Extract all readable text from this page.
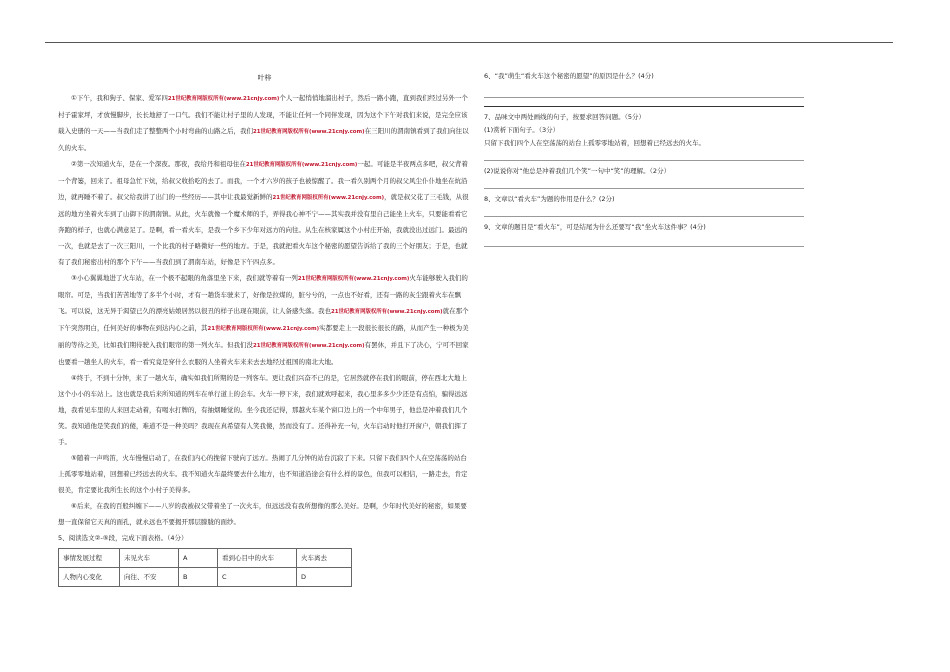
叶梓

①下午，我和狗子、保家、爱军四21世纪教育网版权所有(www.21cnjy.com)个人一起悄悄地溜出村子，然后一路小跑，直到我们经过另外一个村子霍家坪，才放慢脚步，长长地舒了一口气。我们不能让村子里的人发现，不能让任何一个同伴发现，因为这个下午对我们来说，是完全应该载入史册的一天——当我们走了整整两个小时弯曲的山路之后，我们21世纪教育网版权所有(www.21cnjy.com)在三阳川的渭南镇看到了我们向往以久的火车。

②第一次知道火车，是在一个深夜。那夜，我给丹和祖母住在21世纪教育网版权所有(www.21cnjy.com)一起。可能是半夜两点多吧，叔父背着一个背篓，回来了。祖母急忙下炕，给叔父收拾吃的去了。而我，一个才六岁的孩子也被惊醒了。我一看久别两个月的叔父风尘仆仆地坐在炕沿边，就再睡不着了。叔父给我讲了出门的一些经历——其中让我最觉新鲜的21世纪教育网版权所有(www.21cnjy.com)，就是叔父花了三毛钱，从很远的地方坐着火车到了山御下的渭南镇。从此，火车就像一个魔术师的手，弄得我心神不宁——其实我并没有里自己能坐上火车，只要能看看它奔跑的样子，也就心满意足了。是啊，看一看火车，是我一个乡下少年对远方的向往。从生在核家属这个小村庄开始，我就没出过远门。最远的一次，也就是去了一次三阳川，一个比我的村子略微好一些的地方。于是，我就把看火车这个秘密的愿望告诉给了我的三个好朋友；于是，也就有了我们秘密出村的那个下午——当我们到了渭南车站，好像是下午四点多。

③小心翼翼地进了火车站，在一个极不起眼的角落里坐下来，我们就等着有一列21世纪教育网版权所有(www.21cnjy.com)火车能够驶入我们的眼帘。可是，当我们苦苦地等了多半个小时，才有一趟货车驶来了，好像是拉煤的，脏兮兮的，一点也不好看，还有一路的灰尘跟着火车在飘飞。可以说，这无异于渴望已久的漂亮姑娘居然以很丑的样子出现在眼前，让人备感失落。我也21世纪教育网版权所有(www.21cnjy.com)就在那个下午突然明白，任何美好的事物在到达内心之前，其21世纪教育网版权所有(www.21cnjy.com)实都要走上一段很长很长的路，从而产生一种极为美丽的等待之美，比如我们期待驶入我们眼帘的第一列火车。但我们没21世纪教育网版权所有(www.21cnjy.com)有罢休，并且下了决心，宁可不回家也要看一趟坐人的火车，看一看究竟是穿什么衣服的人坐着火车来来去去地经过祖国的南北大地。

④终于，不到十分钟，来了一趟火车，确实如我们所期的是一列客车。更让我们兴奋不已的是，它居然就停在我们的眼前，停在西北大地上这个小小的车站上。这也就是我后来所知道的列车在单行道上的会车。火车一停下来，我们就欢呼起来，我心里多多少少还是有点怕，骗得远远地，我看见车里的人来回走动着，有喝水打牌的，有抽烟睡觉的。坐今我还记得，那越火车某个窗口边上的一个中年男子，他总是冲着我们几个笑。我知道他是笑我们的傻，难道不是一种美吗？我现在真希望有人笑我傻，然而没有了。还得补充一句，火车启动时他打开窗户，朝我们挥了手。

⑤随着一声鸣笛，火车慢慢启动了，在我们内心的挽留下驶向了远方。热闹了几分钟的站台沉寂了下来。只留下我们四个人在空荡荡的站台上孤零零地站着，回想着已经远去的火车。我不知道火车最终要去什么地方，也不知道沿途会有什么样的景色，但我可以相信，一路走去，肯定很美，肯定要比我所生长的这个小村子美得多。

⑥后来，在我的百般纠缠下——八岁的我被叔父带着坐了一次火车，但远远没有我所想像的那么美好。是啊，少年时代美好的秘密，如果要想一直保留它天真的面孔，就永远也不要揭开那层朦胧的面纱。

5、阅读选文②-⑤段，完成下面表格。（4分）
事情发展过程	未见火车	A	看到心目中的火车	火车离去
人物内心变化	向往、不安	B	C	D
6、“我”萌生“看火车这个秘密的愿望”的原因是什么？(4分)
7、品味文中两处画线的句子，按要求回答问题。（5分）
(1)赏析下面句子。（3分）
只留下我们四个人在空荡荡的站台上孤零零地站着，回想着已经远去的火车。
(2)说说你对“他总是冲着我们几个笑”一句中“笑”的理解。（2分）
8、文章以“看火车”为题的作用是什么？(2分)
9、文章的题目是“看火车”，可是结尾为什么还要写“我”坐火车这件事？(4分)
